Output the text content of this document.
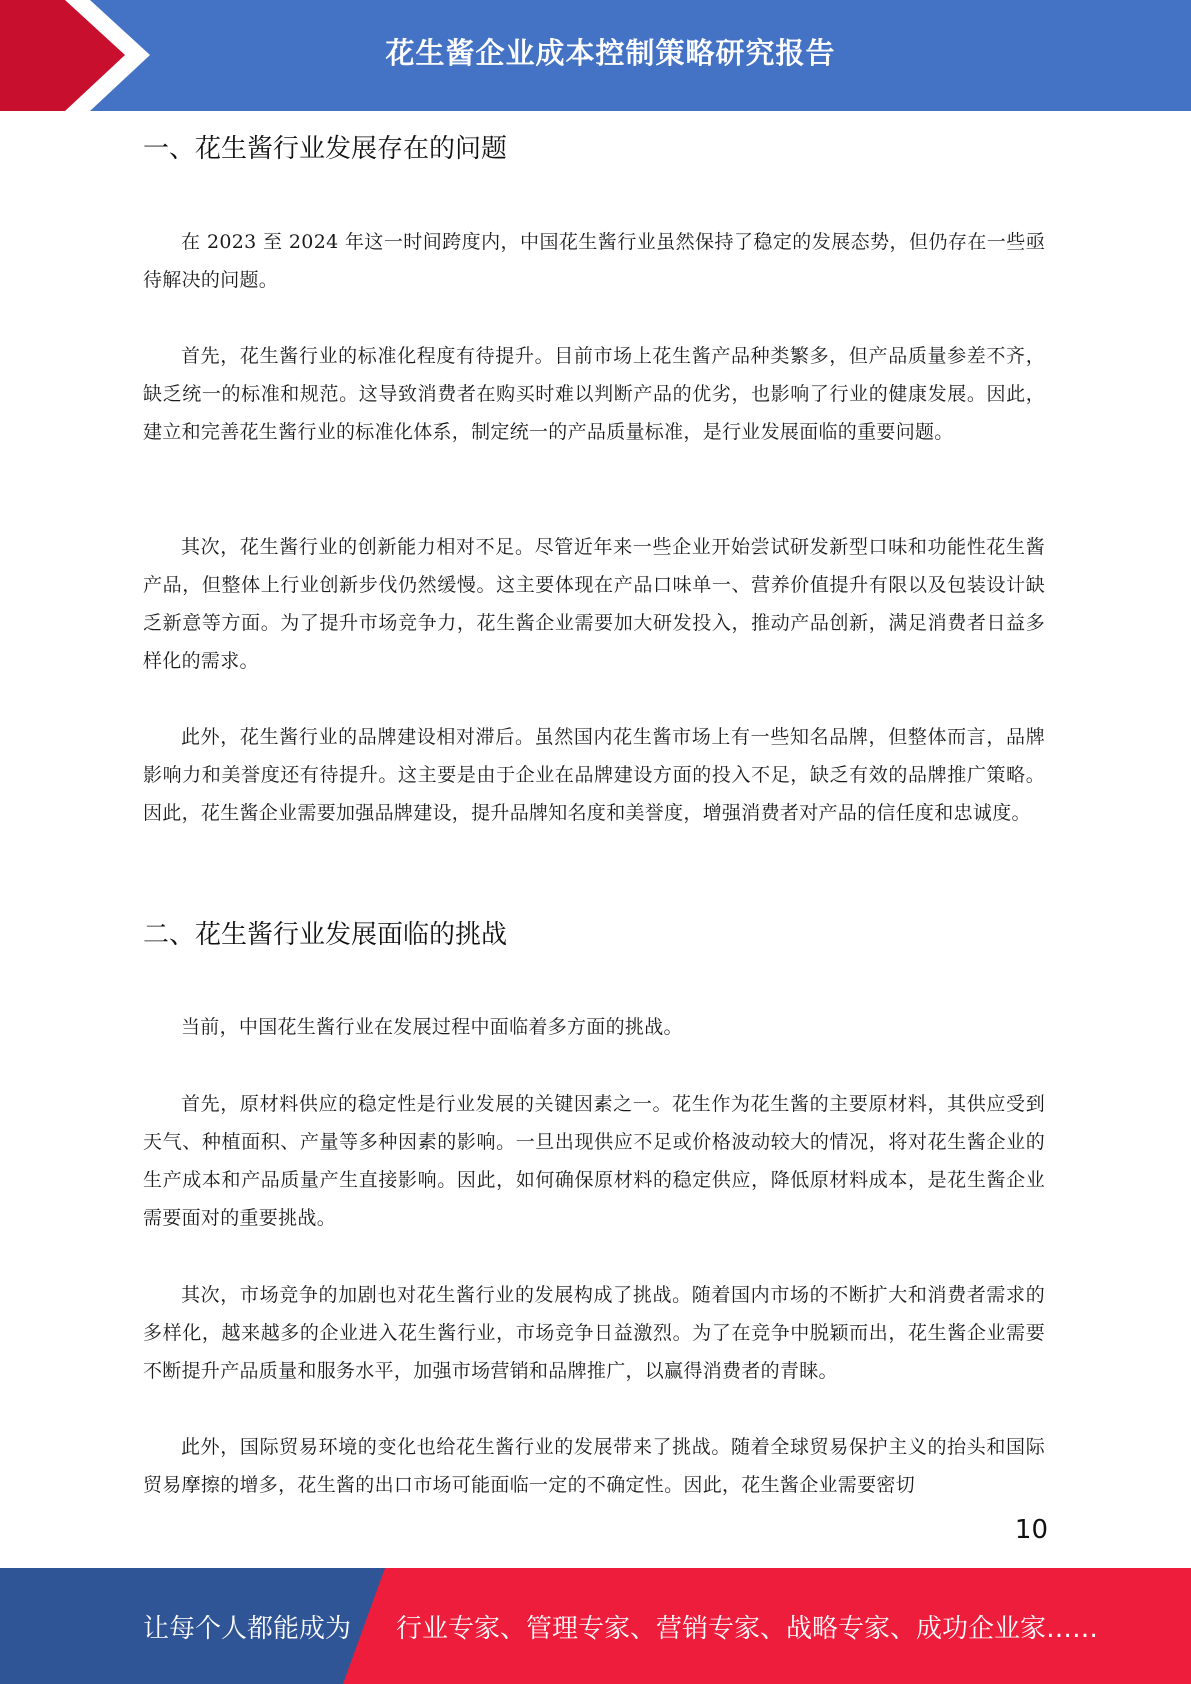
花生酱企业成本控制策略研究报告
一、花生酱行业发展存在的问题

在 2023 至 2024 年这一时间跨度内，中国花生酱行业虽然保持了稳定的发展态势，但仍存在一些亟待解决的问题。

首先，花生酱行业的标准化程度有待提升。目前市场上花生酱产品种类繁多，但产品质量参差不齐，缺乏统一的标准和规范。这导致消费者在购买时难以判断产品的优劣，也影响了行业的健康发展。因此，建立和完善花生酱行业的标准化体系，制定统一的产品质量标准，是行业发展面临的重要问题。

其次，花生酱行业的创新能力相对不足。尽管近年来一些企业开始尝试研发新型口味和功能性花生酱产品，但整体上行业创新步伐仍然缓慢。这主要体现在产品口味单一、营养价值提升有限以及包装设计缺乏新意等方面。为了提升市场竞争力，花生酱企业需要加大研发投入，推动产品创新，满足消费者日益多样化的需求。

此外，花生酱行业的品牌建设相对滞后。虽然国内花生酱市场上有一些知名品牌，但整体而言，品牌影响力和美誉度还有待提升。这主要是由于企业在品牌建设方面的投入不足，缺乏有效的品牌推广策略。因此，花生酱企业需要加强品牌建设，提升品牌知名度和美誉度，增强消费者对产品的信任度和忠诚度。

二、花生酱行业发展面临的挑战

当前，中国花生酱行业在发展过程中面临着多方面的挑战。

首先，原材料供应的稳定性是行业发展的关键因素之一。花生作为花生酱的主要原材料，其供应受到天气、种植面积、产量等多种因素的影响。一旦出现供应不足或价格波动较大的情况，将对花生酱企业的生产成本和产品质量产生直接影响。因此，如何确保原材料的稳定供应，降低原材料成本，是花生酱企业需要面对的重要挑战。

其次，市场竞争的加剧也对花生酱行业的发展构成了挑战。随着国内市场的不断扩大和消费者需求的多样化，越来越多的企业进入花生酱行业，市场竞争日益激烈。为了在竞争中脱颖而出，花生酱企业需要不断提升产品质量和服务水平，加强市场营销和品牌推广，以赢得消费者的青睐。

此外，国际贸易环境的变化也给花生酱行业的发展带来了挑战。随着全球贸易保护主义的抬头和国际贸易摩擦的增多，花生酱的出口市场可能面临一定的不确定性。因此，花生酱企业需要密切

10
让每个人都能成为 行业专家、管理专家、营销专家、战略专家、成功企业家……
